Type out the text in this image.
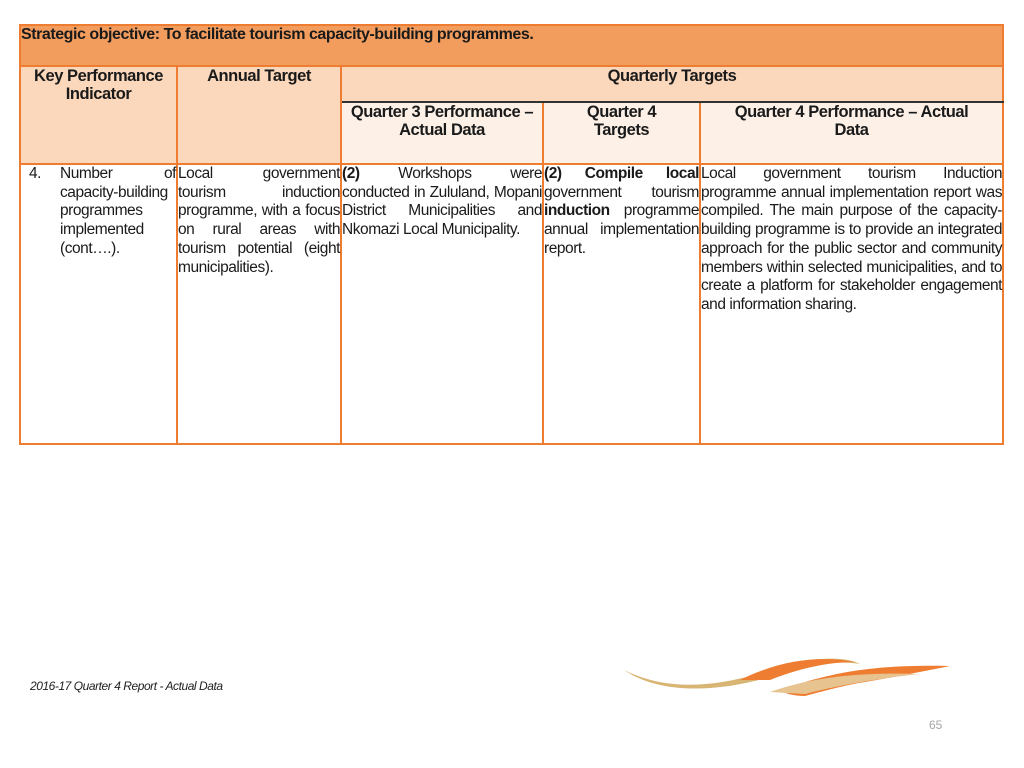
Strategic objective: To facilitate tourism capacity-building programmes.				
Key Performance Indicator	Annual Target	Quarterly Targets		
		Quarter 3 Performance – Actual Data	Quarter 4 Targets	Quarter 4 Performance – Actual Data

4. Number of capacity-building programmes implemented (cont….).	Local government tourism induction programme, with a focus on rural areas with tourism potential (eight municipalities).	(2) Workshops were conducted in Zululand, Mopani District Municipalities and Nkomazi Local Municipality.	(2) Compile local government tourism induction programme annual implementation report.	Local government tourism Induction programme annual implementation report was compiled. The main purpose of the capacity-building programme is to provide an integrated approach for the public sector and community members within selected municipalities, and to create a platform for stakeholder engagement and information sharing.
2016-17 Quarter 4 Report - Actual Data
65
